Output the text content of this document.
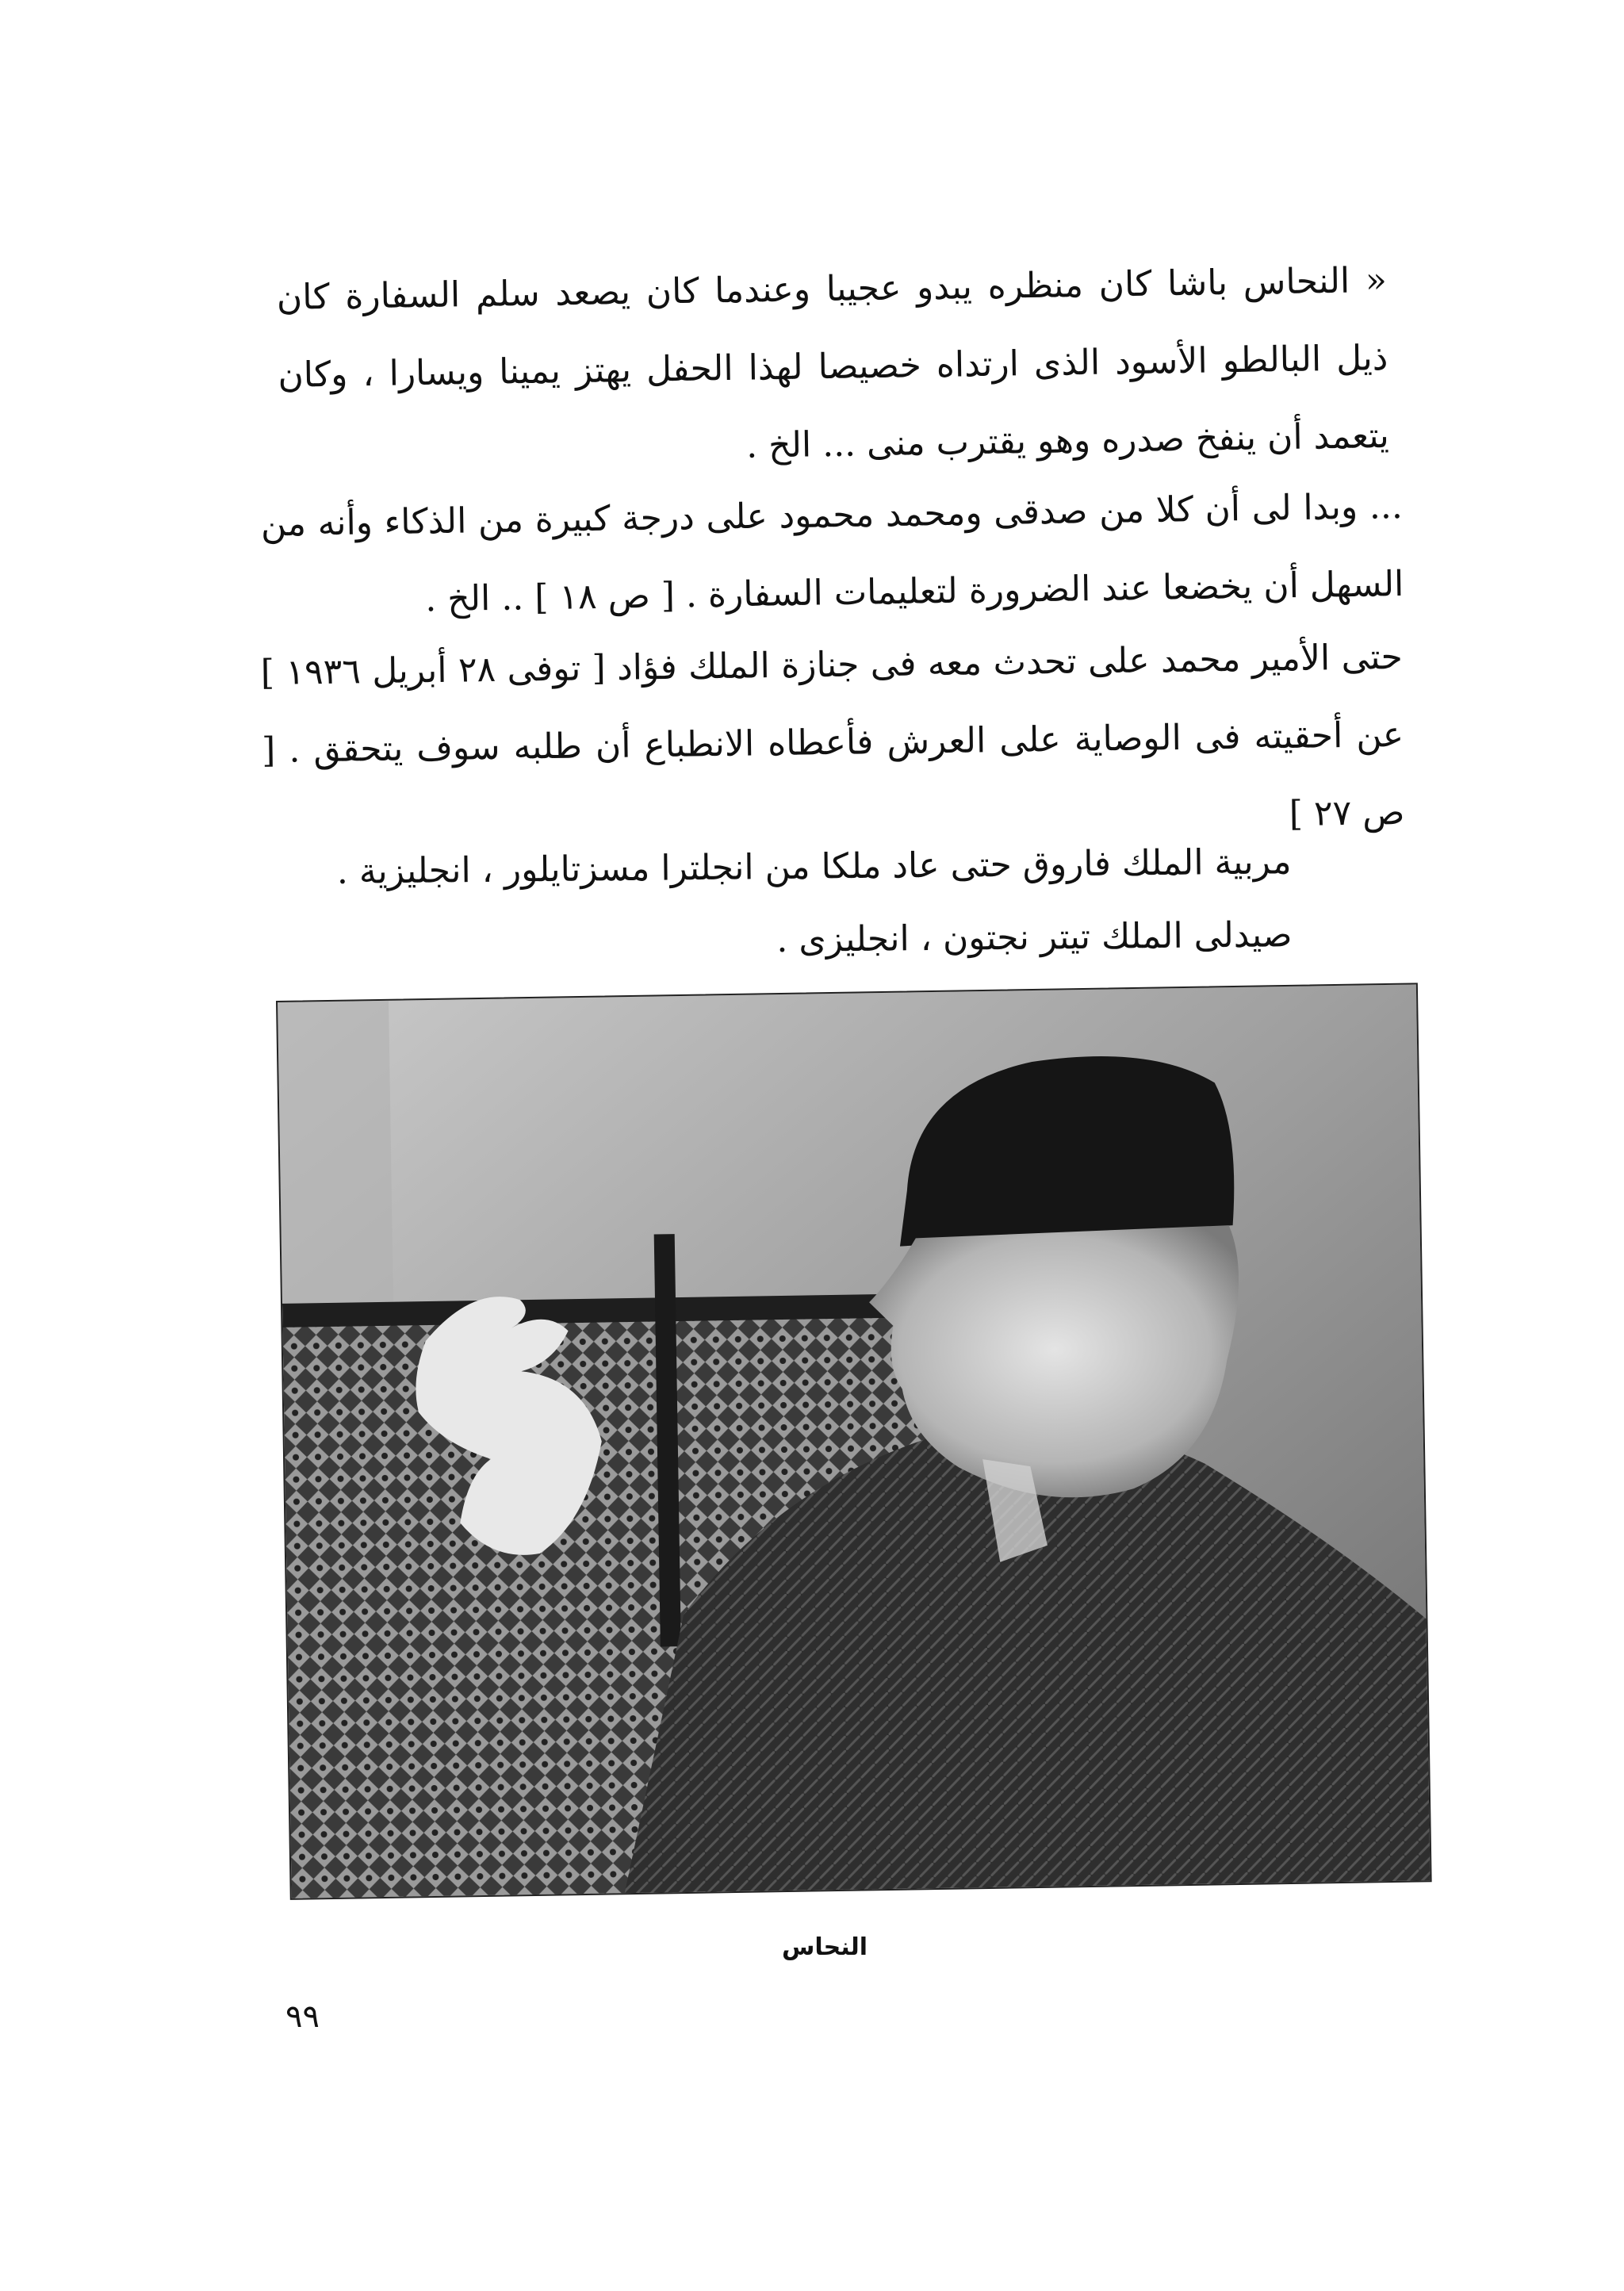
« النحاس باشا كان منظره يبدو عجيبا وعندما كان يصعد سلم السفارة كان ذيل البالطو الأسود الذى ارتداه خصيصا لهذا الحفل يهتز يمينا ويسارا ، وكان يتعمد أن ينفخ صدره وهو يقترب منى ... الخ .

... وبدا لى أن كلا من صدقى ومحمد محمود على درجة كبيرة من الذكاء وأنه من السهل أن يخضعا عند الضرورة لتعليمات السفارة . [ ص ١٨ ] .. الخ .

حتى الأمير محمد على تحدث معه فى جنازة الملك فؤاد [ توفى ٢٨ أبريل ١٩٣٦ ] عن أحقيته فى الوصاية على العرش فأعطاه الانطباع أن طلبه سوف يتحقق . [ ص ٢٧ ]

مربية الملك فاروق حتى عاد ملكا من انجلترا مسزتايلور ، انجليزية .
صيدلى الملك تيتر نجتون ، انجليزى .
النحاس
٩٩
